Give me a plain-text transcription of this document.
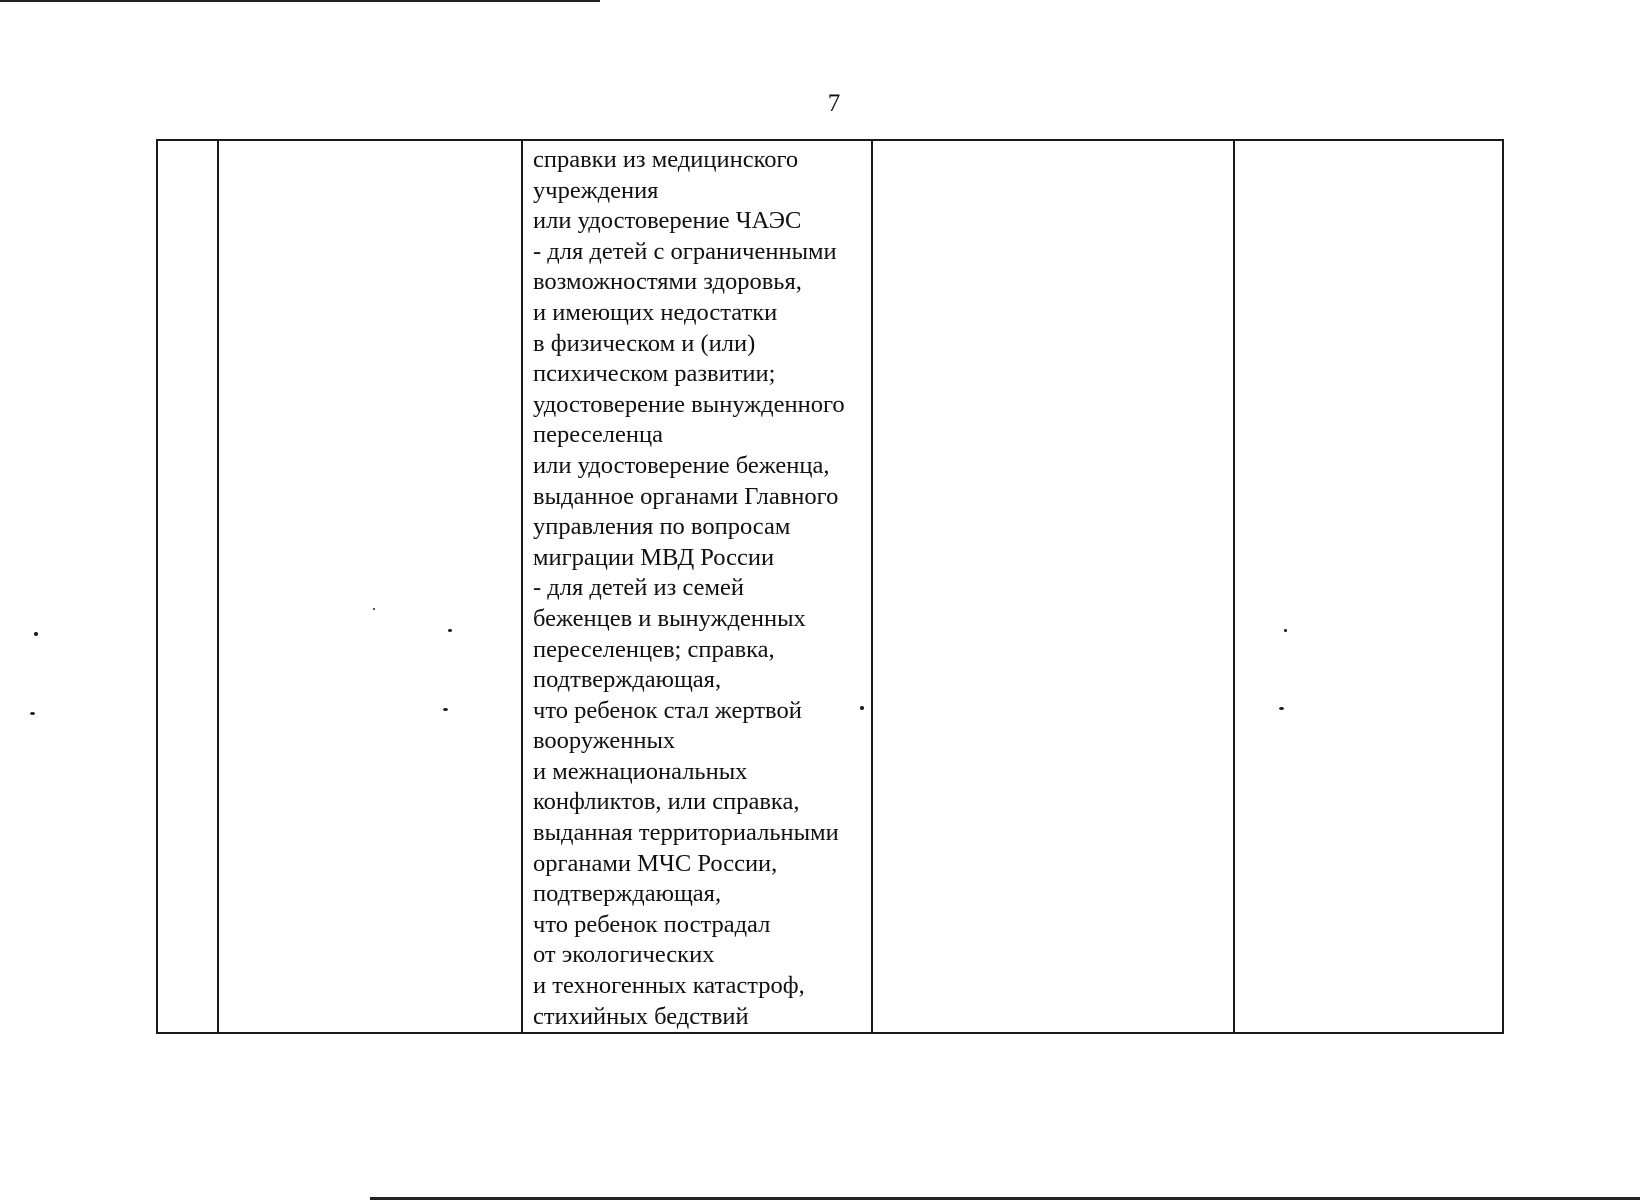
7

справки из медицинского
учреждения
или удостоверение ЧАЭС
- для детей с ограниченными
возможностями здоровья,
и имеющих недостатки
в физическом и (или)
психическом развитии;
удостоверение вынужденного
переселенца
или удостоверение беженца,
выданное органами Главного
управления по вопросам
миграции МВД России
- для детей из семей
беженцев и вынужденных
переселенцев; справка,
подтверждающая,
что ребенок стал жертвой
вооруженных
и межнациональных
конфликтов, или справка,
выданная территориальными
органами МЧС России,
подтверждающая,
что ребенок пострадал
от экологических
и техногенных катастроф,
стихийных бедствий
